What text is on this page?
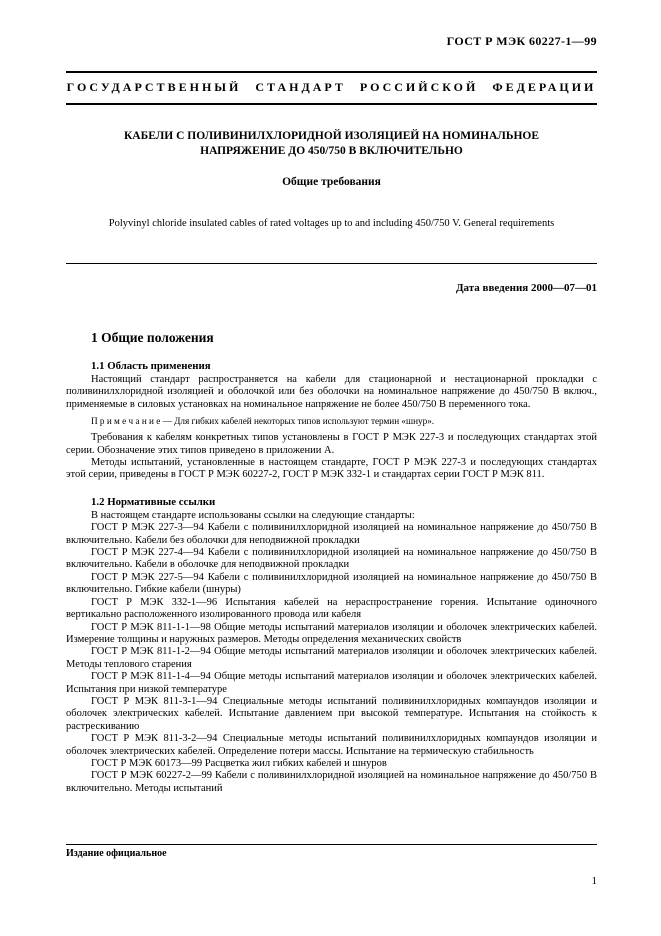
ГОСТ Р МЭК 60227-1—99
ГОСУДАРСТВЕННЫЙ СТАНДАРТ РОССИЙСКОЙ ФЕДЕРАЦИИ
КАБЕЛИ С ПОЛИВИНИЛХЛОРИДНОЙ ИЗОЛЯЦИЕЙ НА НОМИНАЛЬНОЕ НАПРЯЖЕНИЕ ДО 450/750 В ВКЛЮЧИТЕЛЬНО
Общие требования
Polyvinyl chloride insulated cables of rated voltages up to and including 450/750 V. General requirements
Дата введения 2000—07—01
1 Общие положения
1.1 Область применения

Настоящий стандарт распространяется на кабели для стационарной и нестационарной прокладки с поливинилхлоридной изоляцией и оболочкой или без оболочки на номинальное напряжение до 450/750 В включ., применяемые в силовых установках на номинальное напряжение не более 450/750 В переменного тока.

П р и м е ч а н и е — Для гибких кабелей некоторых типов используют термин «шнур».

Требования к кабелям конкретных типов установлены в ГОСТ Р МЭК 227-3 и последующих стандартах этой серии. Обозначение этих типов приведено в приложении А.

Методы испытаний, установленные в настоящем стандарте, ГОСТ Р МЭК 227-3 и последующих стандартах этой серии, приведены в ГОСТ Р МЭК 60227-2, ГОСТ Р МЭК 332-1 и стандартах серии ГОСТ Р МЭК 811.

1.2 Нормативные ссылки

В настоящем стандарте использованы ссылки на следующие стандарты:

ГОСТ Р МЭК 227-3—94 Кабели с поливинилхлоридной изоляцией на номинальное напряжение до 450/750 В включительно. Кабели без оболочки для неподвижной прокладки

ГОСТ Р МЭК 227-4—94 Кабели с поливинилхлоридной изоляцией на номинальное напряжение до 450/750 В включительно. Кабели в оболочке для неподвижной прокладки

ГОСТ Р МЭК 227-5—94 Кабели с поливинилхлоридной изоляцией на номинальное напряжение до 450/750 В включительно. Гибкие кабели (шнуры)

ГОСТ Р МЭК 332-1—96 Испытания кабелей на нераспространение горения. Испытание одиночного вертикально расположенного изолированного провода или кабеля

ГОСТ Р МЭК 811-1-1—98 Общие методы испытаний материалов изоляции и оболочек электрических кабелей. Измерение толщины и наружных размеров. Методы определения механических свойств

ГОСТ Р МЭК 811-1-2—94 Общие методы испытаний материалов изоляции и оболочек электрических кабелей. Методы теплового старения

ГОСТ Р МЭК 811-1-4—94 Общие методы испытаний материалов изоляции и оболочек электрических кабелей. Испытания при низкой температуре

ГОСТ Р МЭК 811-3-1—94 Специальные методы испытаний поливинилхлоридных компаундов изоляции и оболочек электрических кабелей. Испытание давлением при высокой температуре. Испытания на стойкость к растрескиванию

ГОСТ Р МЭК 811-3-2—94 Специальные методы испытаний поливинилхлоридных компаундов изоляции и оболочек электрических кабелей. Определение потери массы. Испытание на термическую стабильность

ГОСТ Р МЭК 60173—99 Расцветка жил гибких кабелей и шнуров

ГОСТ Р МЭК 60227-2—99 Кабели с поливинилхлоридной изоляцией на номинальное напряжение до 450/750 В включительно. Методы испытаний

Издание официальное
1
